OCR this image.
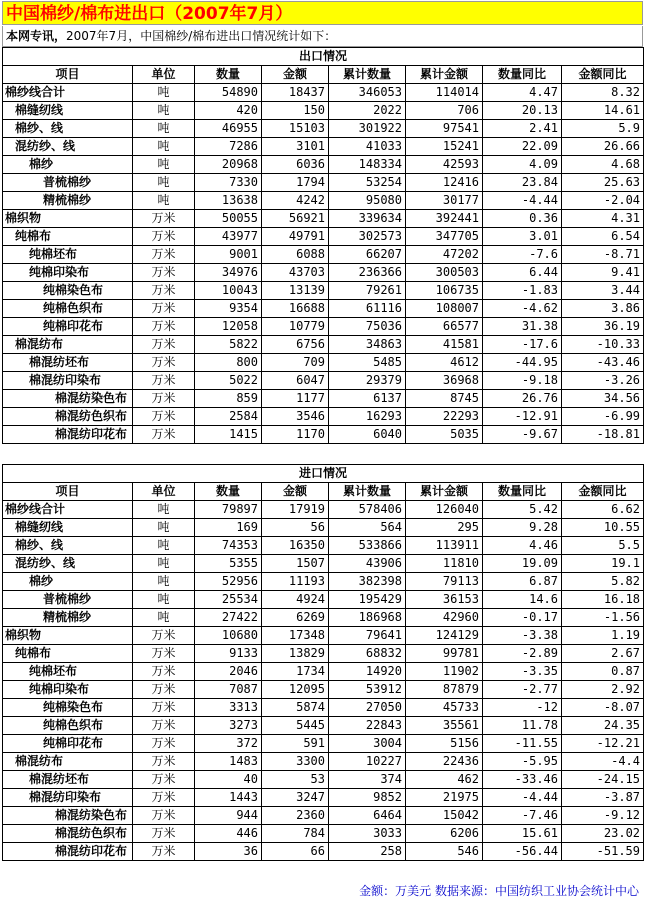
中国棉纱/棉布进出口（2007年7月）
本网专讯，2007年7月，中国棉纱/棉布进出口情况统计如下：
出口情况							
项目	单位	数量	金额	累计数量	累计金额	数量同比	金额同比
棉纱线合计	吨	54890	18437	346053	114014	4.47	8.32
棉缝纫线	吨	420	150	2022	706	20.13	14.61
棉纱、线	吨	46955	15103	301922	97541	2.41	5.9
混纺纱、线	吨	7286	3101	41033	15241	22.09	26.66
棉纱	吨	20968	6036	148334	42593	4.09	4.68
普梳棉纱	吨	7330	1794	53254	12416	23.84	25.63
精梳棉纱	吨	13638	4242	95080	30177	-4.44	-2.04
棉织物	万米	50055	56921	339634	392441	0.36	4.31
纯棉布	万米	43977	49791	302573	347705	3.01	6.54
纯棉坯布	万米	9001	6088	66207	47202	-7.6	-8.71
纯棉印染布	万米	34976	43703	236366	300503	6.44	9.41
纯棉染色布	万米	10043	13139	79261	106735	-1.83	3.44
纯棉色织布	万米	9354	16688	61116	108007	-4.62	3.86
纯棉印花布	万米	12058	10779	75036	66577	31.38	36.19
棉混纺布	万米	5822	6756	34863	41581	-17.6	-10.33
棉混纺坯布	万米	800	709	5485	4612	-44.95	-43.46
棉混纺印染布	万米	5022	6047	29379	36968	-9.18	-3.26
棉混纺染色布	万米	859	1177	6137	8745	26.76	34.56
棉混纺色织布	万米	2584	3546	16293	22293	-12.91	-6.99
棉混纺印花布	万米	1415	1170	6040	5035	-9.67	-18.81
进口情况							
项目	单位	数量	金额	累计数量	累计金额	数量同比	金额同比
棉纱线合计	吨	79897	17919	578406	126040	5.42	6.62
棉缝纫线	吨	169	56	564	295	9.28	10.55
棉纱、线	吨	74353	16350	533866	113911	4.46	5.5
混纺纱、线	吨	5355	1507	43906	11810	19.09	19.1
棉纱	吨	52956	11193	382398	79113	6.87	5.82
普梳棉纱	吨	25534	4924	195429	36153	14.6	16.18
精梳棉纱	吨	27422	6269	186968	42960	-0.17	-1.56
棉织物	万米	10680	17348	79641	124129	-3.38	1.19
纯棉布	万米	9133	13829	68832	99781	-2.89	2.67
纯棉坯布	万米	2046	1734	14920	11902	-3.35	0.87
纯棉印染布	万米	7087	12095	53912	87879	-2.77	2.92
纯棉染色布	万米	3313	5874	27050	45733	-12	-8.07
纯棉色织布	万米	3273	5445	22843	35561	11.78	24.35
纯棉印花布	万米	372	591	3004	5156	-11.55	-12.21
棉混纺布	万米	1483	3300	10227	22436	-5.95	-4.4
棉混纺坯布	万米	40	53	374	462	-33.46	-24.15
棉混纺印染布	万米	1443	3247	9852	21975	-4.44	-3.87
棉混纺染色布	万米	944	2360	6464	15042	-7.46	-9.12
棉混纺色织布	万米	446	784	3033	6206	15.61	23.02
棉混纺印花布	万米	36	66	258	546	-56.44	-51.59
金额：万美元 数据来源：中国纺织工业协会统计中心
